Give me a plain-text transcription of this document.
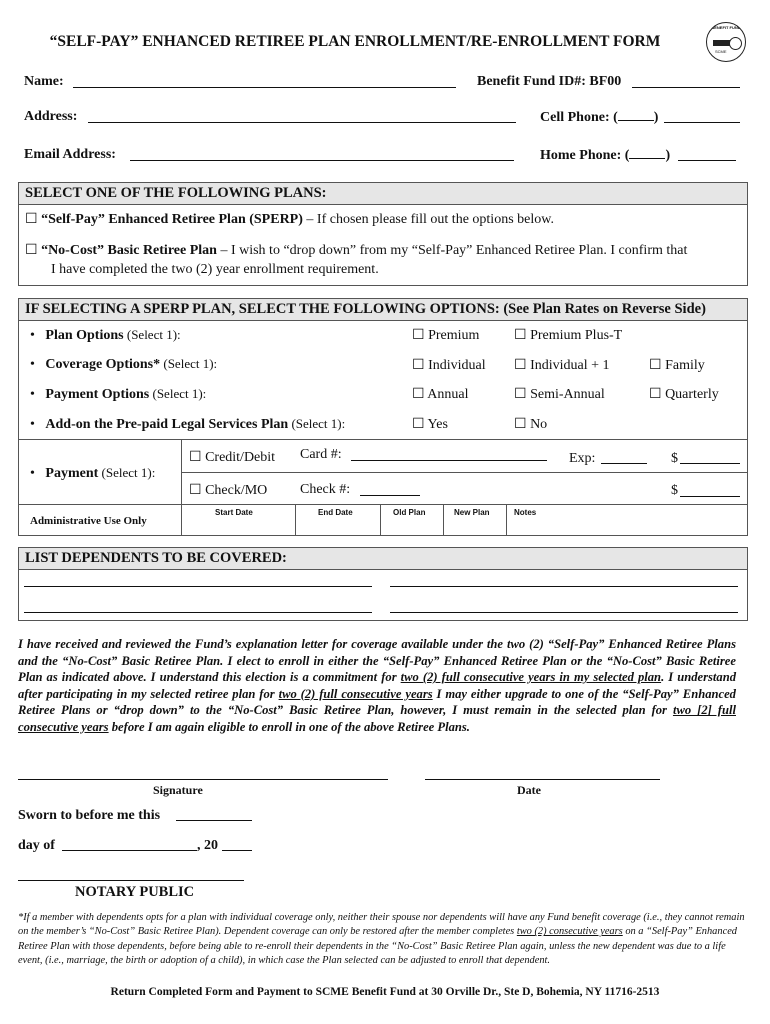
“SELF-PAY” ENHANCED RETIREE PLAN ENROLLMENT/RE-ENROLLMENT FORM
BENEFIT FUND
SCME
Name:	Benefit Fund ID#: BF00
Address:	Cell Phone: (	)
Email Address:	Home Phone: (	)
SELECT ONE OF THE FOLLOWING PLANS:
☐ “Self-Pay” Enhanced Retiree Plan (SPERP) – If chosen please fill out the options below.
☐ “No-Cost” Basic Retiree Plan – I wish to “drop down” from my “Self-Pay” Enhanced Retiree Plan. I confirm that
I have completed the two (2) year enrollment requirement.
IF SELECTING A SPERP PLAN, SELECT THE FOLLOWING OPTIONS: (See Plan Rates on Reverse Side)
• Plan Options (Select 1):	☐ Premium ☐ Premium Plus-T
• Coverage Options* (Select 1):	☐ Individual ☐ Individual + 1	☐ Family
• Payment Options (Select 1):	☐ Annual	☐ Semi-Annual	☐ Quarterly
• Add-on the Pre-paid Legal Services Plan (Select 1):	☐ Yes	☐ No
• Payment (Select 1):
☐ Credit/Debit Card #:	Exp:	$
☐ Check/MO Check #:	$
Administrative Use Only
Start Date	End Date	Old Plan	New Plan	Notes
LIST DEPENDENTS TO BE COVERED:
I have received and reviewed the Fund’s explanation letter for coverage available under the two (2) “Self-Pay” Enhanced Retiree Plans and the “No-Cost” Basic Retiree Plan. I elect to enroll in either the “Self-Pay” Enhanced Retiree Plan or the “No-Cost” Basic Retiree Plan as indicated above. I understand this election is a commitment for two (2) full consecutive years in my selected plan. I understand after participating in my selected retiree plan for two (2) full consecutive years I may either upgrade to one of the “Self-Pay” Enhanced Retiree Plans or “drop down” to the “No-Cost” Basic Retiree Plan, however, I must remain in the selected plan for two [2] full consecutive years before I am again eligible to enroll in one of the above Retiree Plans.
Signature	Date
Sworn to before me this
day of	, 20
NOTARY PUBLIC
*If a member with dependents opts for a plan with individual coverage only, neither their spouse nor dependents will have any Fund benefit coverage (i.e., they cannot remain on the member’s “No-Cost” Basic Retiree Plan). Dependent coverage can only be restored after the member completes two (2) consecutive years on a “Self-Pay” Enhanced Retiree Plan with those dependents, before being able to re-enroll their dependents in the “No-Cost” Basic Retiree Plan again, unless the new dependent was due to a life event, (i.e., marriage, the birth or adoption of a child), in which case the Plan selected can be adjusted to enroll that dependent.
Return Completed Form and Payment to SCME Benefit Fund at 30 Orville Dr., Ste D, Bohemia, NY 11716-2513
